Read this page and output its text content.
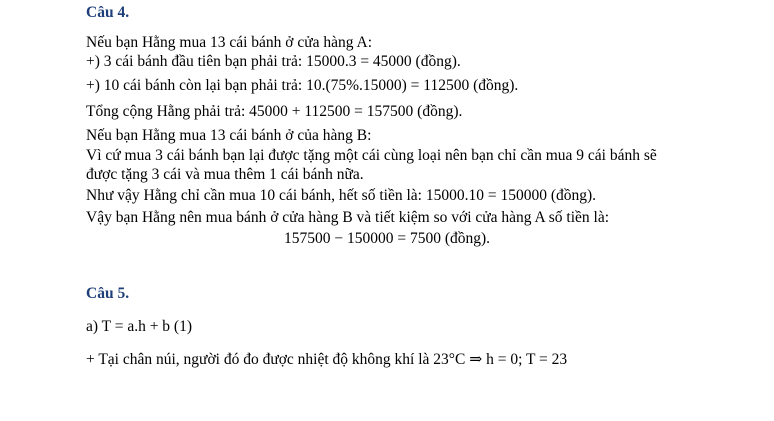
Câu 4.
Nếu bạn Hằng mua 13 cái bánh ở cửa hàng A:
+) 3 cái bánh đầu tiên bạn phải trả: 15000.3 = 45000 (đồng).
+) 10 cái bánh còn lại bạn phải trả: 10.(75%.15000) = 112500 (đồng).
Tổng cộng Hằng phải trả: 45000 + 112500 = 157500 (đồng).
Nếu bạn Hằng mua 13 cái bánh ở của hàng B:
Vì cứ mua 3 cái bánh bạn lại được tặng một cái cùng loại nên bạn chỉ cần mua 9 cái bánh sẽ
được tặng 3 cái và mua thêm 1 cái bánh nữa.
Như vậy Hằng chỉ cần mua 10 cái bánh, hết số tiền là: 15000.10 = 150000 (đồng).
Vậy bạn Hằng nên mua bánh ở cửa hàng B và tiết kiệm so với cửa hàng A số tiền là:
157500 − 150000 = 7500 (đồng).
Câu 5.
a) T = a.h + b (1)
+ Tại chân núi, người đó đo được nhiệt độ không khí là 23°C ⇒ h = 0; T = 23
